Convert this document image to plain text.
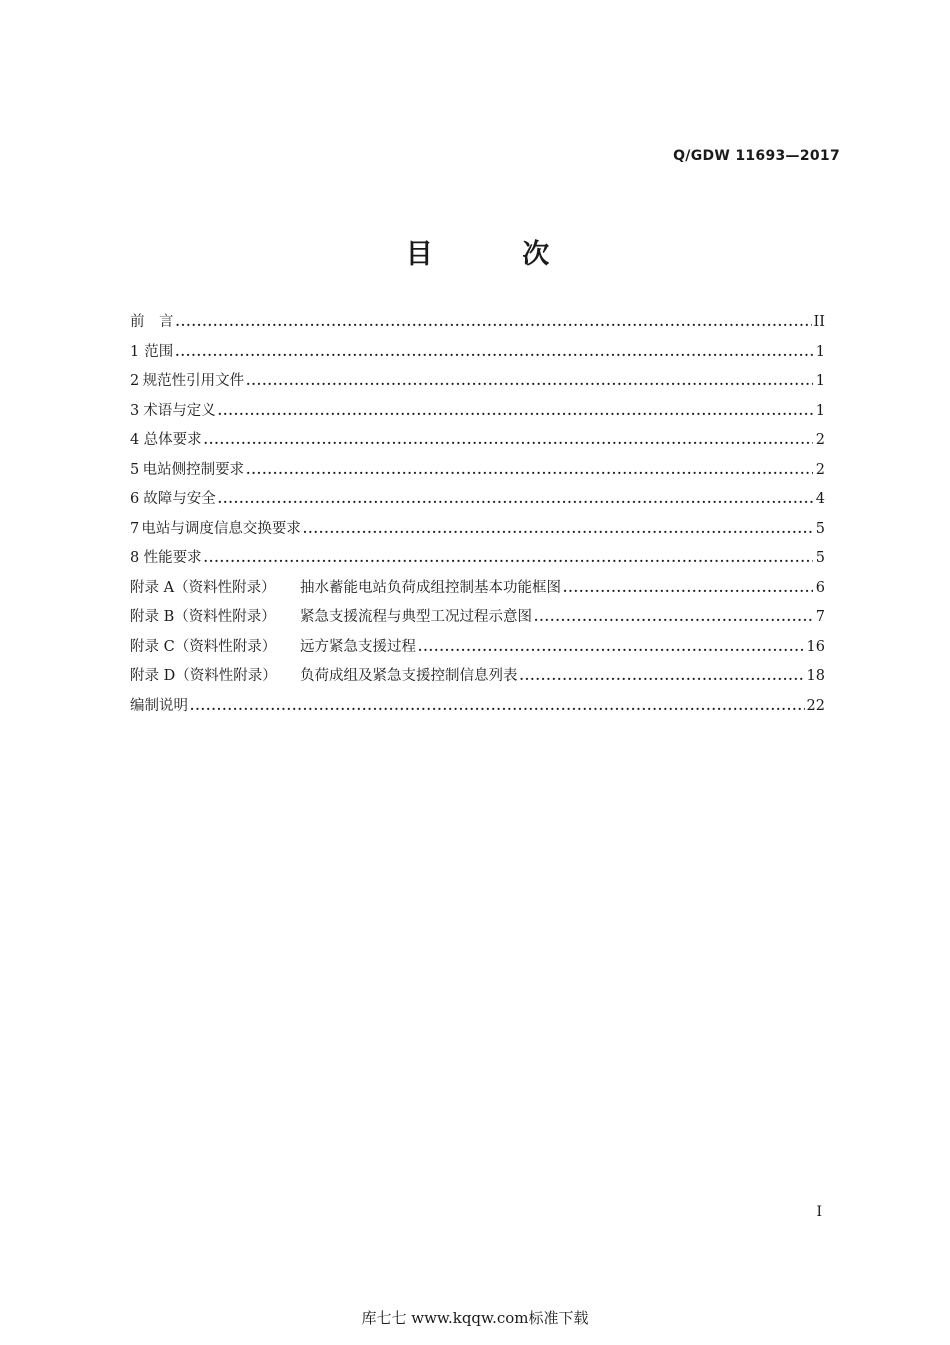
Q/GDW 11693—2017
目 次
前　言 .....	II
1 范围 .....	1
2 规范性引用文件 .....	1
3 术语与定义 .....	1
4 总体要求 .....	2
5 电站侧控制要求 .....	2
6 故障与安全 .....	4
7 电站与调度信息交换要求 .....	5
8 性能要求 .....	5
附录 A（资料性附录）	抽水蓄能电站负荷成组控制基本功能框图 .....	6
附录 B（资料性附录）	紧急支援流程与典型工况过程示意图 .....	7
附录 C（资料性附录）	远方紧急支援过程 .....	16
附录 D（资料性附录）	负荷成组及紧急支援控制信息列表 .....	18
编制说明 .....	22
I
库七七 www.kqqw.com标准下载
